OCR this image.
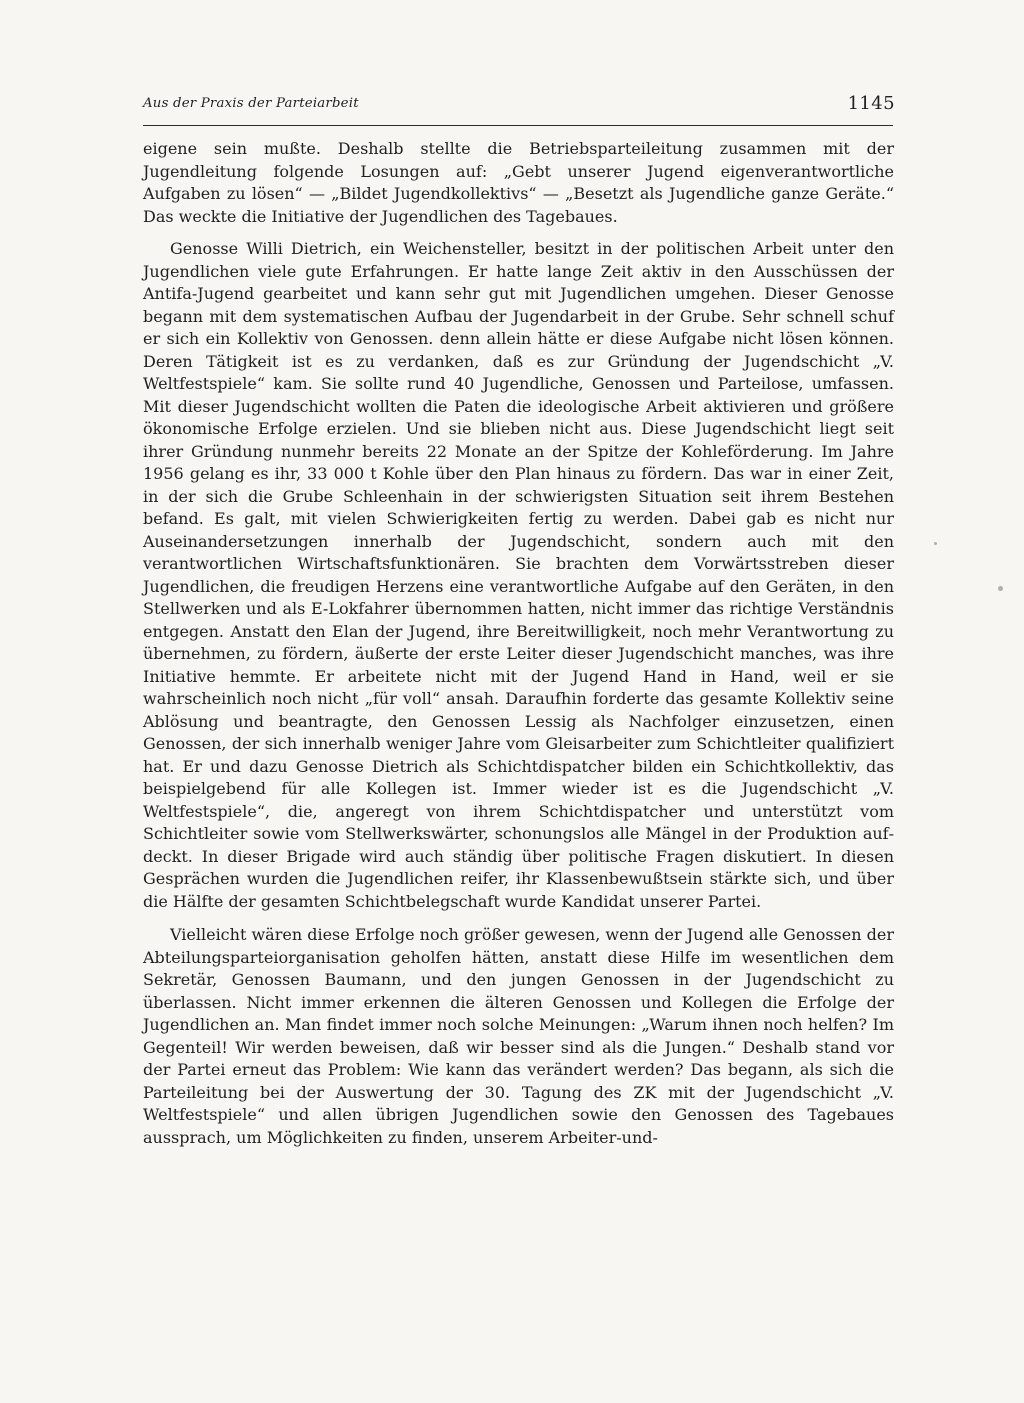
Aus der Praxis der Parteiarbeit	1145

eigene sein mußte. Deshalb stellte die Betriebsparteileitung zusammen mit der Jugendleitung folgende Losungen auf: „Gebt unserer Jugend eigenverantwortliche Aufgaben zu lösen“ — „Bildet Jugendkollektivs“ — „Besetzt als Jugendliche ganze Geräte.“ Das weckte die Initiative der Jugendlichen des Tagebaues.

Genosse Willi Dietrich, ein Weichensteller, besitzt in der politischen Arbeit unter den Jugendlichen viele gute Erfahrungen. Er hatte lange Zeit aktiv in den Ausschüssen der Antifa-Jugend gearbeitet und kann sehr gut mit Jugendlichen umgehen. Dieser Genosse begann mit dem systematischen Aufbau der Jugendarbeit in der Grube. Sehr schnell schuf er sich ein Kollektiv von Genossen. denn allein hätte er diese Aufgabe nicht lösen können. Deren Tätigkeit ist es zu verdanken, daß es zur Gründung der Jugendschicht „V. Weltfestspiele“ kam. Sie sollte rund 40 Jugendliche, Genossen und Parteilose, umfassen. Mit dieser Jugendschicht wollten die Paten die ideologische Arbeit aktivieren und größere ökonomische Erfolge erzielen. Und sie blieben nicht aus. Diese Jugendschicht liegt seit ihrer Gründung nunmehr bereits 22 Monate an der Spitze der Kohleförderung. Im Jahre 1956 gelang es ihr, 33 000 t Kohle über den Plan hinaus zu fördern. Das war in einer Zeit, in der sich die Grube Schleenhain in der schwierigsten Situation seit ihrem Bestehen befand. Es galt, mit vielen Schwierigkeiten fertig zu werden. Dabei gab es nicht nur Auseinandersetzungen innerhalb der Jugendschicht, sondern auch mit den verantwortlichen Wirtschaftsfunktionären. Sie brachten dem Vorwärtsstreben dieser Jugendlichen, die freudigen Herzens eine verantwortliche Aufgabe auf den Geräten, in den Stellwerken und als E-Lokfahrer übernommen hatten, nicht immer das richtige Verständnis entgegen. Anstatt den Elan der Jugend, ihre Bereitwilligkeit, noch mehr Verantwortung zu übernehmen, zu fördern, äußerte der erste Leiter dieser Jugendschicht manches, was ihre Initiative hemmte. Er arbeitete nicht mit der Jugend Hand in Hand, weil er sie wahrscheinlich noch nicht „für voll“ ansah. Daraufhin forderte das gesamte Kollektiv seine Ablösung und beantragte, den Genossen Lessig als Nachfolger einzusetzen, einen Genossen, der sich innerhalb weniger Jahre vom Gleisarbeiter zum Schichtleiter qualifiziert hat. Er und dazu Genosse Dietrich als Schichtdispatcher bilden ein Schichtkollektiv, das beispielgebend für alle Kollegen ist. Immer wieder ist es die Jugendschicht „V. Weltfestspiele“, die, angeregt von ihrem Schichtdispatcher und unterstützt vom Schichtleiter sowie vom Stellwerkswärter, schonungslos alle Mängel in der Produktion aufdeckt. In dieser Brigade wird auch ständig über politische Fragen diskutiert. In diesen Gesprächen wurden die Jugendlichen reifer, ihr Klassenbewußtsein stärkte sich, und über die Hälfte der gesamten Schichtbelegschaft wurde Kandidat unserer Partei.

Vielleicht wären diese Erfolge noch größer gewesen, wenn der Jugend alle Genossen der Abteilungsparteiorganisation geholfen hätten, anstatt diese Hilfe im wesentlichen dem Sekretär, Genossen Baumann, und den jungen Genossen in der Jugendschicht zu überlassen. Nicht immer erkennen die älteren Genossen und Kollegen die Erfolge der Jugendlichen an. Man findet immer noch solche Meinungen: „Warum ihnen noch helfen? Im Gegenteil! Wir werden beweisen, daß wir besser sind als die Jungen.“ Deshalb stand vor der Partei erneut das Problem: Wie kann das verändert werden? Das begann, als sich die Parteileitung bei der Auswertung der 30. Tagung des ZK mit der Jugendschicht „V. Weltfestspiele“ und allen übrigen Jugendlichen sowie den Genossen des Tagebaues aussprach, um Möglichkeiten zu finden, unserem Arbeiter-und-
